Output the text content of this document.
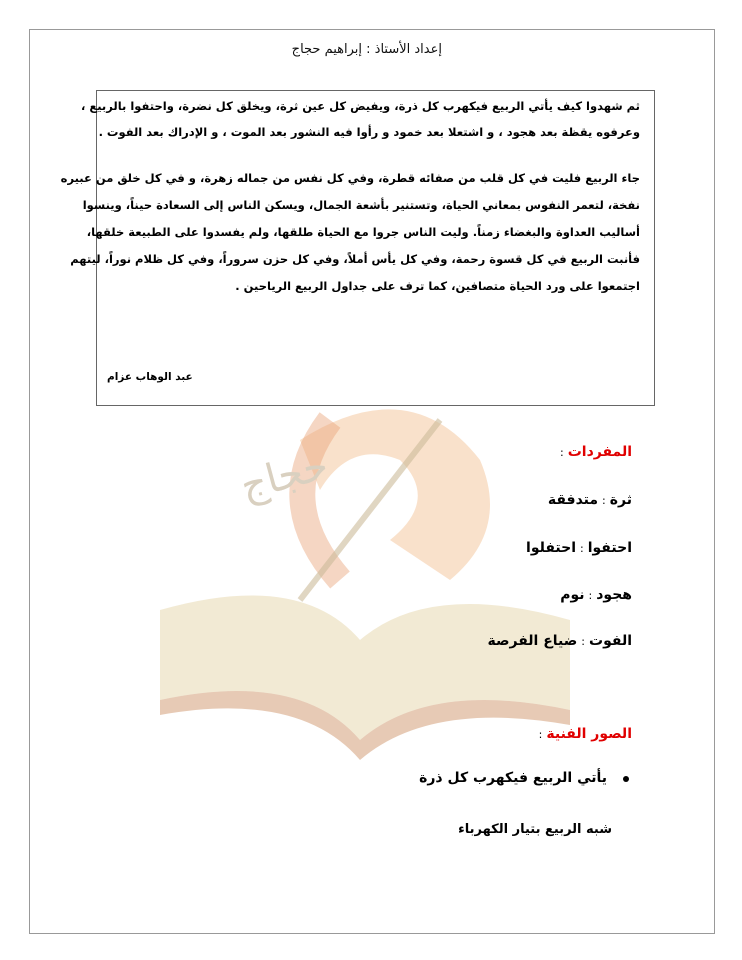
إعداد الأستاذ : إبراهيم حجاج
حجاج
ثم شهدوا كيف يأتي الربيع فيكهرب كل ذرة، ويفيض كل عين ثرة، ويخلق كل نضرة، واحتفوا بالربيع ،
وعرفوه يقظة بعد هجود ، و اشتعلا بعد خمود و رأوا فيه النشور بعد الموت ، و الإدراك بعد الفوت .
جاء الربيع فليت في كل قلب من صفائه قطرة، وفي كل نفس من جماله زهرة، و في كل خلق من عبيره
نفخة، لتعمر النفوس بمعاني الحياة، وتستنير بأشعة الجمال، ويسكن الناس إلى السعادة حيناً، وينسوا
أساليب العداوة والبغضاء زمناً. وليت الناس جروا مع الحياة طلقها، ولم يفسدوا على الطبيعة خلقها،
فأنبت الربيع في كل قسوة رحمة، وفي كل يأس أملاً، وفي كل حزن سروراً، وفي كل ظلام نوراً، ليتهم
اجتمعوا على ورد الحياة متصافين، كما ترف على جداول الربيع الرياحين .
عبد الوهاب عزام
المفردات:
ثرة:متدفقة
احتفوا:احتفلوا
هجود:نوم
الفوت:ضياع الفرصة
الصور الفنية:
يأتي الربيع فيكهرب كل ذرة
شبه الربيع بتيار الكهرباء
